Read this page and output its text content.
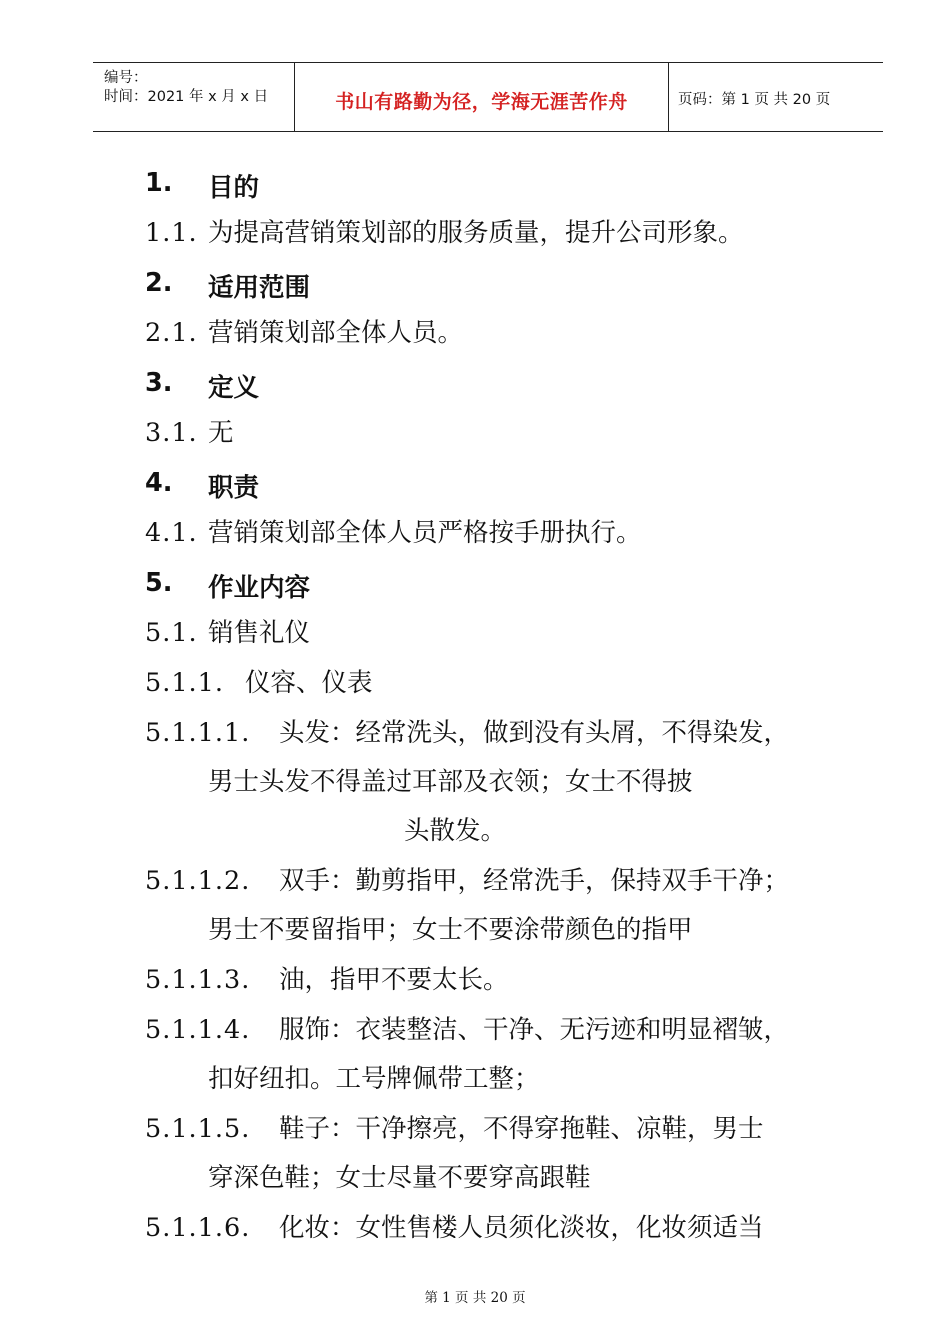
编号：
时间：2021 年 x 月 x 日	书山有路勤为径，学海无涯苦作舟	页码：第 1 页 共 20 页
1. 目的
1.1. 为提高营销策划部的服务质量，提升公司形象。
2. 适用范围
2.1. 营销策划部全体人员。
3. 定义
3.1. 无
4. 职责
4.1. 营销策划部全体人员严格按手册执行。
5. 作业内容
5.1. 销售礼仪
5.1.1. 仪容、仪表
5.1.1.1. 头发：经常洗头，做到没有头屑，不得染发，
男士头发不得盖过耳部及衣领；女士不得披
头散发。
5.1.1.2. 双手：勤剪指甲，经常洗手，保持双手干净；
男士不要留指甲；女士不要涂带颜色的指甲
5.1.1.3. 油，指甲不要太长。
5.1.1.4. 服饰：衣装整洁、干净、无污迹和明显褶皱，
扣好纽扣。工号牌佩带工整；
5.1.1.5. 鞋子：干净擦亮，不得穿拖鞋、凉鞋，男士
穿深色鞋；女士尽量不要穿高跟鞋
5.1.1.6. 化妆：女性售楼人员须化淡妆，化妆须适当
第 1 页 共 20 页
